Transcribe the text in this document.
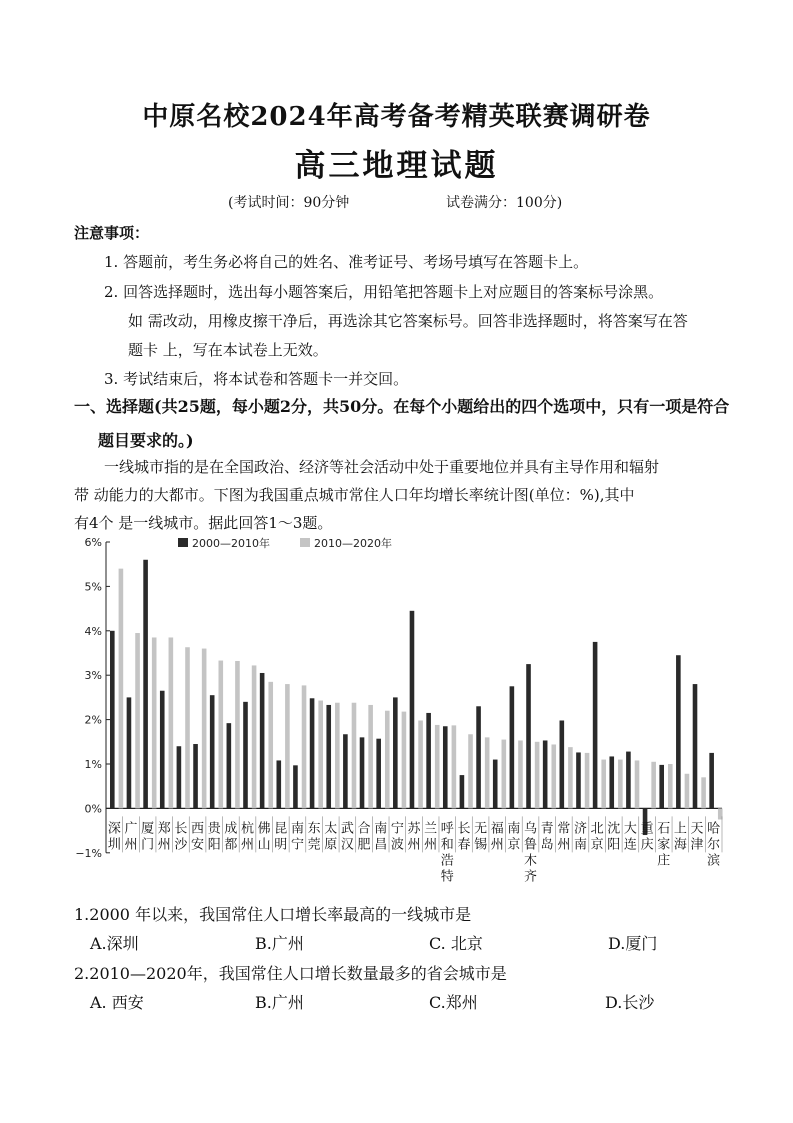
中原名校2024年高考备考精英联赛调研卷
高三地理试题
(考试时间：90分钟	试卷满分：100分)
注意事项：
1. 答题前，考生务必将自己的姓名、准考证号、考场号填写在答题卡上。
2. 回答选择题时，选出每小题答案后，用铅笔把答题卡上对应题目的答案标号涂黑。
如 需改动，用橡皮擦干净后，再选涂其它答案标号。回答非选择题时，将答案写在答
题卡 上，写在本试卷上无效。
3. 考试结束后，将本试卷和答题卡一并交回。
一、选择题(共25题，每小题2分，共50分。在每个小题给出的四个选项中，只有一项是符合
题目要求的。)
一线城市指的是在全国政治、经济等社会活动中处于重要地位并具有主导作用和辐射
带 动能力的大都市。下图为我国重点城市常住人口年均增长率统计图(单位：%),其中
有4个 是一线城市。据此回答1～3题。
6%
5%
4%
3%
2%
1%
0%
−1%
2000—2010年	2010—2020年
深
圳
广
州
厦
门
郑
州
长
沙
西
安
贵
阳
成
都
杭
州
佛
山
昆
明
南
宁
东
莞
太
原
武
汉
合
肥
南
昌
宁
波
苏
州
兰
州
呼
和
浩
特
长
春
无
锡
福
州
南
京
乌
鲁
木
齐
青
岛
常
州
济
南
北
京
沈
阳
大
连
重
庆
石
家
庄
上
海
天
津
哈
尔
滨
1.2000 年以来，我国常住人口增长率最高的一线城市是
A.深圳	B.广州	C. 北京	D.厦门
2.2010—2020年，我国常住人口增长数量最多的省会城市是
A. 西安	B.广州	C.郑州	D.长沙
